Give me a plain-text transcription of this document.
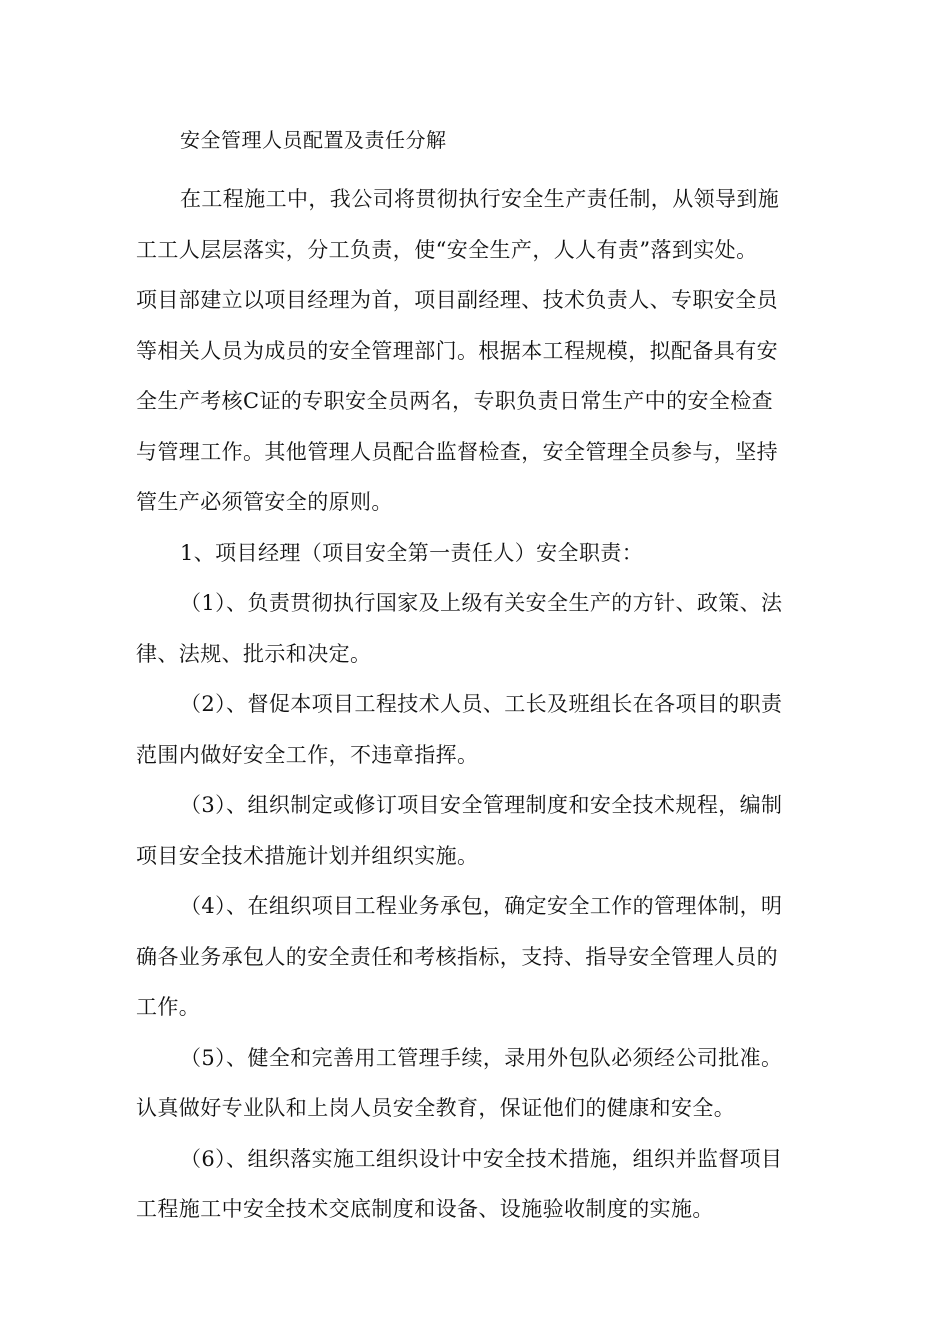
安全管理人员配置及责任分解

在工程施工中，我公司将贯彻执行安全生产责任制，从领导到施
工工人层层落实，分工负责，使“安全生产，人人有责”落到实处。
项目部建立以项目经理为首，项目副经理、技术负责人、专职安全员
等相关人员为成员的安全管理部门。根据本工程规模，拟配备具有安
全生产考核C证的专职安全员两名，专职负责日常生产中的安全检查
与管理工作。其他管理人员配合监督检查，安全管理全员参与，坚持
管生产必须管安全的原则。

1、项目经理（项目安全第一责任人）安全职责：

（1）、负责贯彻执行国家及上级有关安全生产的方针、政策、法
律、法规、批示和决定。

（2）、督促本项目工程技术人员、工长及班组长在各项目的职责
范围内做好安全工作，不违章指挥。

（3）、组织制定或修订项目安全管理制度和安全技术规程，编制
项目安全技术措施计划并组织实施。

（4）、在组织项目工程业务承包，确定安全工作的管理体制，明
确各业务承包人的安全责任和考核指标，支持、指导安全管理人员的
工作。

（5）、健全和完善用工管理手续，录用外包队必须经公司批准。
认真做好专业队和上岗人员安全教育，保证他们的健康和安全。

（6）、组织落实施工组织设计中安全技术措施，组织并监督项目
工程施工中安全技术交底制度和设备、设施验收制度的实施。
